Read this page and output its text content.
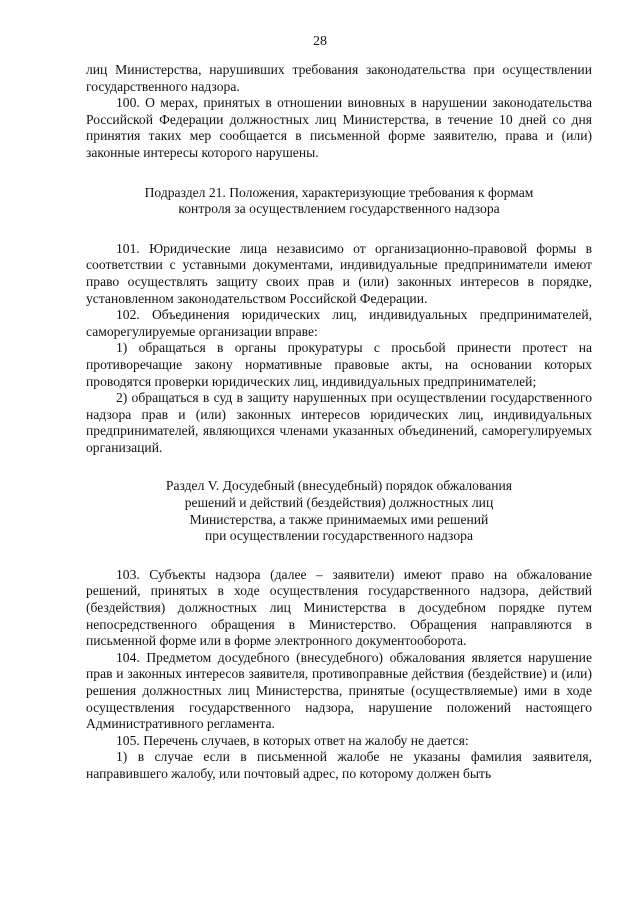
28

лиц Министерства, нарушивших требования законодательства при осуществлении государственного надзора.

100. О мерах, принятых в отношении виновных в нарушении законодательства Российской Федерации должностных лиц Министерства, в течение 10 дней со дня принятия таких мер сообщается в письменной форме заявителю, права и (или) законные интересы которого нарушены.

Подраздел 21. Положения, характеризующие требования к формам
контроля за осуществлением государственного надзора

101. Юридические лица независимо от организационно-правовой формы в соответствии с уставными документами, индивидуальные предприниматели имеют право осуществлять защиту своих прав и (или) законных интересов в порядке, установленном законодательством Российской Федерации.

102. Объединения юридических лиц, индивидуальных предпринимателей, саморегулируемые организации вправе:

1) обращаться в органы прокуратуры с просьбой принести протест на противоречащие закону нормативные правовые акты, на основании которых проводятся проверки юридических лиц, индивидуальных предпринимателей;

2) обращаться в суд в защиту нарушенных при осуществлении государственного надзора прав и (или) законных интересов юридических лиц, индивидуальных предпринимателей, являющихся членами указанных объединений, саморегулируемых организаций.

Раздел V. Досудебный (внесудебный) порядок обжалования
решений и действий (бездействия) должностных лиц
Министерства, а также принимаемых ими решений
при осуществлении государственного надзора

103. Субъекты надзора (далее – заявители) имеют право на обжалование решений, принятых в ходе осуществления государственного надзора, действий (бездействия) должностных лиц Министерства в досудебном порядке путем непосредственного обращения в Министерство. Обращения направляются в письменной форме или в форме электронного документооборота.

104. Предметом досудебного (внесудебного) обжалования является нарушение прав и законных интересов заявителя, противоправные действия (бездействие) и (или) решения должностных лиц Министерства, принятые (осуществляемые) ими в ходе осуществления государственного надзора, нарушение положений настоящего Административного регламента.

105. Перечень случаев, в которых ответ на жалобу не дается:

1) в случае если в письменной жалобе не указаны фамилия заявителя, направившего жалобу, или почтовый адрес, по которому должен быть
